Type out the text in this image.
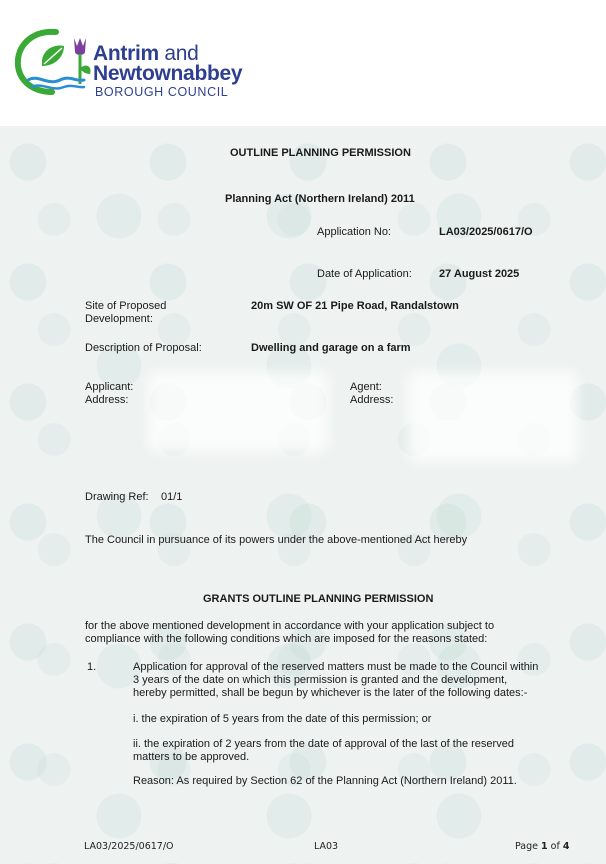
Antrim and
Newtownabbey
BOROUGH COUNCIL
OUTLINE PLANNING PERMISSION
Planning Act (Northern Ireland) 2011
Application No:	LA03/2025/0617/O
Date of Application: 27 August 2025
Site of Proposed
Development:
20m SW OF 21 Pipe Road, Randalstown
Description of Proposal:	Dwelling and garage on a farm
Applicant:
Address:
Agent:
Address:
Drawing Ref: 01/1
The Council in pursuance of its powers under the above-mentioned Act hereby
GRANTS OUTLINE PLANNING PERMISSION
for the above mentioned development in accordance with your application subject to
compliance with the following conditions which are imposed for the reasons stated:
1.	Application for approval of the reserved matters must be made to the Council within
3 years of the date on which this permission is granted and the development,
hereby permitted, shall be begun by whichever is the later of the following dates:-
i. the expiration of 5 years from the date of this permission; or
ii. the expiration of 2 years from the date of approval of the last of the reserved
matters to be approved.
Reason: As required by Section 62 of the Planning Act (Northern Ireland) 2011.
LA03/2025/0617/O	LA03	Page 1 of 4
